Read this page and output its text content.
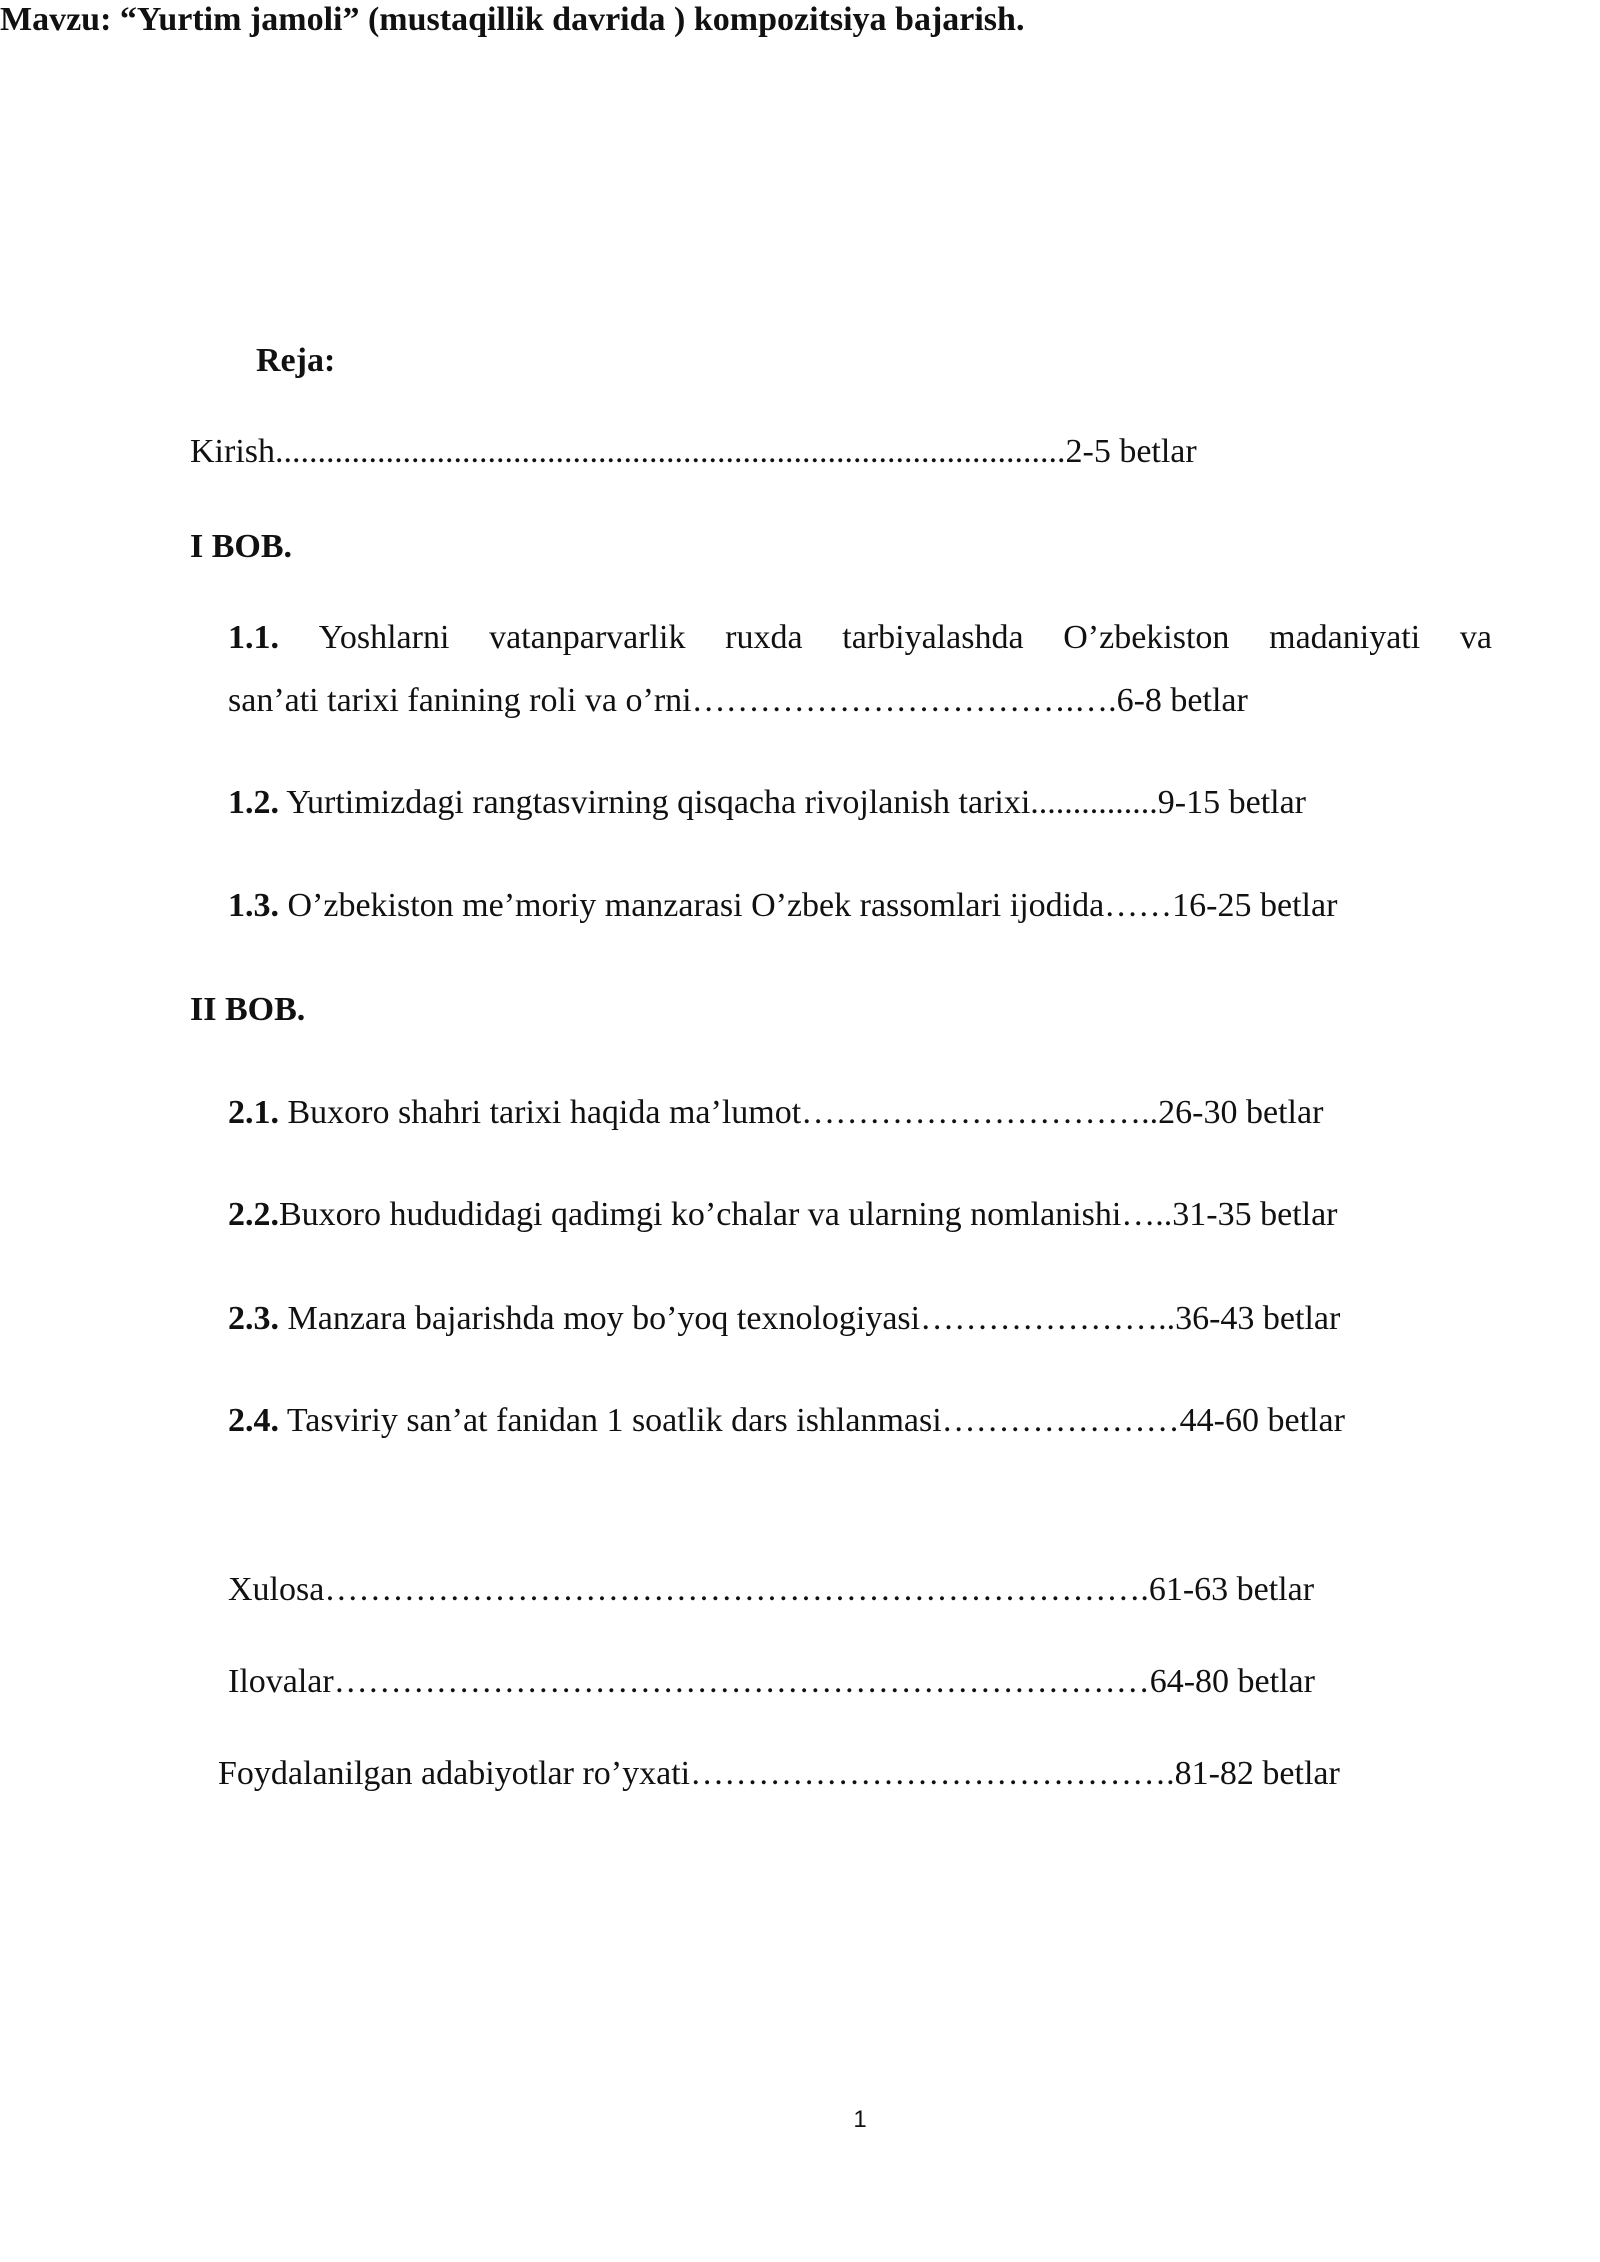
Mavzu: “Yurtim jamoli” (mustaqillik davrida ) kompozitsiya bajarish.
Reja:
Kirish.............................................................................................2-5 betlar
I BOB.
1.1. Yoshlarni vatanparvarlik ruxda tarbiyalashda O’zbekiston madaniyati va
san’ati tarixi fanining roli va o’rni…………………………….….6-8 betlar
1.2. Yurtimizdagi rangtasvirning qisqacha rivojlanish tarixi...............9-15 betlar
1.3. O’zbekiston me’moriy manzarasi O’zbek rassomlari ijodida……16-25 betlar
II BOB.
2.1. Buxoro shahri tarixi haqida ma’lumot…………………………..26-30 betlar
2.2.Buxoro hududidagi qadimgi ko’chalar va ularning nomlanishi…..31-35 betlar
2.3. Manzara bajarishda moy bo’yoq texnologiyasi…………………..36-43 betlar
2.4. Tasviriy san’at fanidan 1 soatlik dars ishlanmasi…………………44-60 betlar
Xulosa……………………………………………………………….61-63 betlar
Ilovalar………………………………………………………………64-80 betlar
Foydalanilgan adabiyotlar ro’yxati…………………………………….81-82 betlar
1
